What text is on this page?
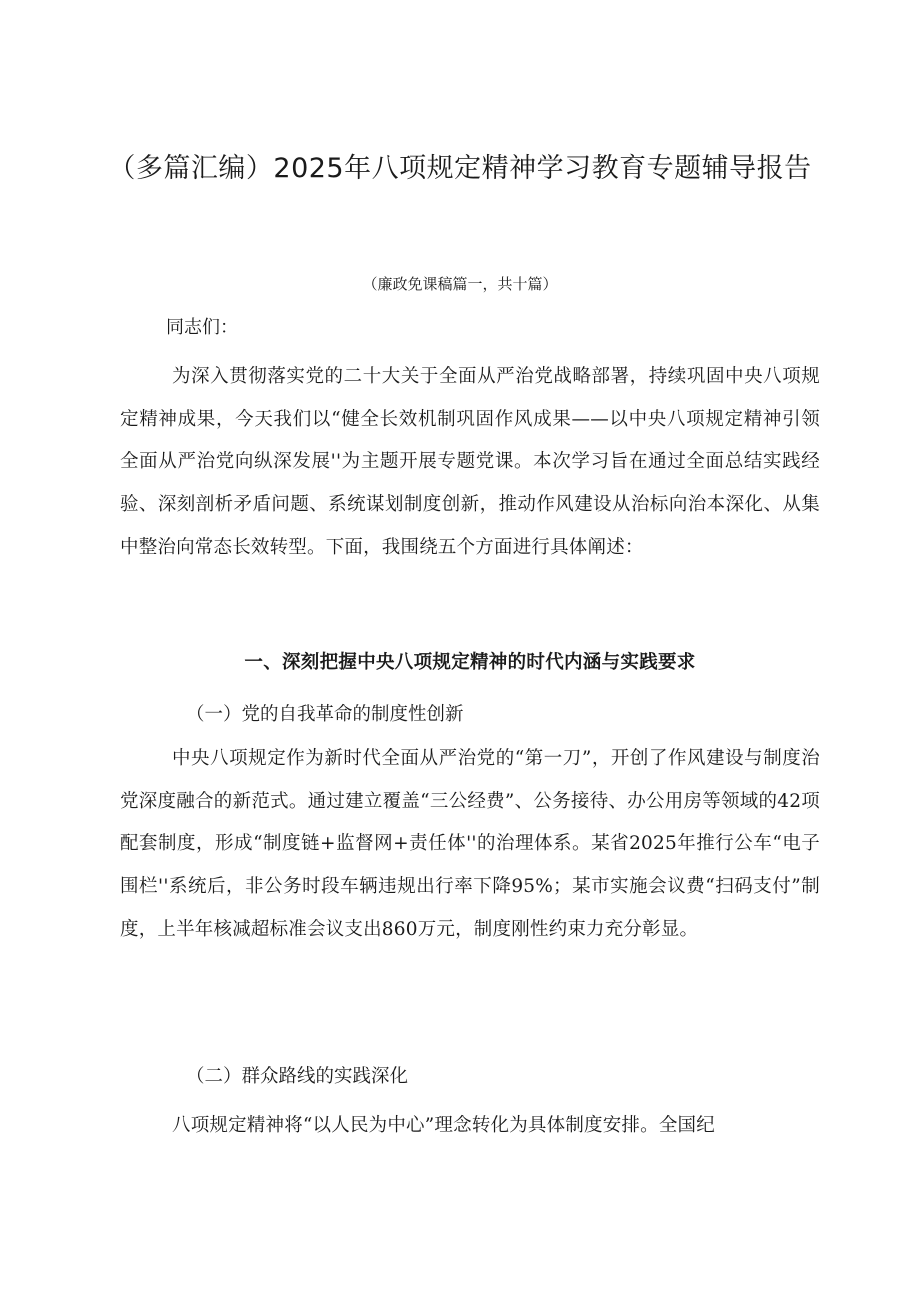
（多篇汇编）2025年八项规定精神学习教育专题辅导报告
（廉政免课稿篇一，共十篇）
同志们：

为深入贯彻落实党的二十大关于全面从严治党战略部署，持续巩固中央八项规定精神成果，今天我们以“健全长效机制巩固作风成果——以中央八项规定精神引领全面从严治党向纵深发展''为主题开展专题党课。本次学习旨在通过全面总结实践经验、深刻剖析矛盾问题、系统谋划制度创新，推动作风建设从治标向治本深化、从集中整治向常态长效转型。下面，我围绕五个方面进行具体阐述：

一、深刻把握中央八项规定精神的时代内涵与实践要求
（一）党的自我革命的制度性创新

中央八项规定作为新时代全面从严治党的“第一刀”，开创了作风建设与制度治党深度融合的新范式。通过建立覆盖“三公经费”、公务接待、办公用房等领域的42项配套制度，形成“制度链+监督网+责任体''的治理体系。某省2025年推行公车“电子围栏''系统后，非公务时段车辆违规出行率下降95%；某市实施会议费“扫码支付”制度，上半年核减超标准会议支出860万元，制度刚性约束力充分彰显。

（二）群众路线的实践深化

八项规定精神将“以人民为中心”理念转化为具体制度安排。全国纪
